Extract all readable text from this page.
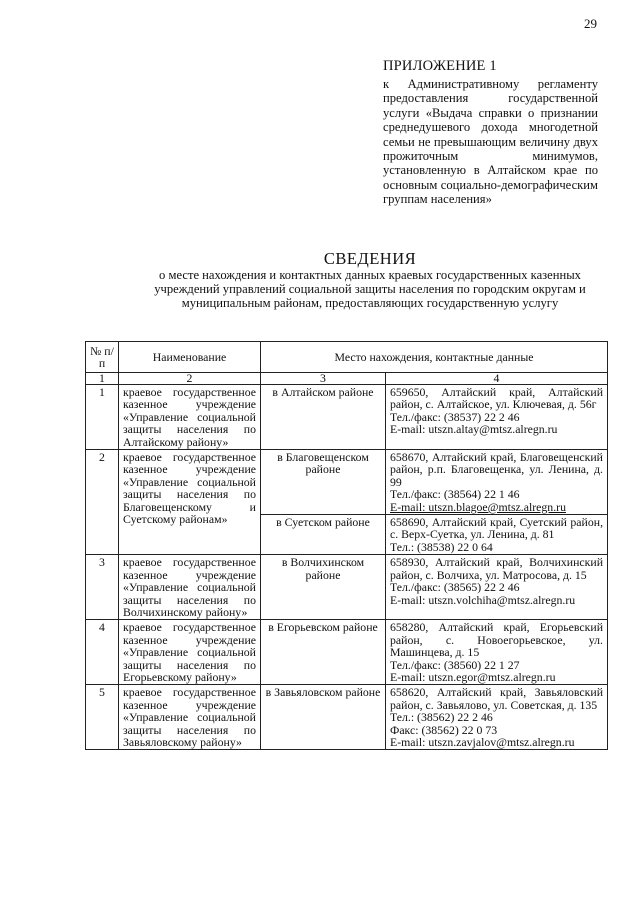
29
ПРИЛОЖЕНИЕ 1
к Административному регламенту предоставления государственной услуги «Выдача справки о признании среднедушевого дохода многодетной семьи не превышающим величину двух прожиточным минимумов, установленную в Алтайском крае по основным социально-демографическим группам населения»
СВЕДЕНИЯ
о месте нахождения и контактных данных краевых государственных казенных учреждений управлений социальной защиты населения по городским округам и муниципальным районам, предоставляющих государственную услугу
№ п/п	Наименование	Место нахождения, контактные данные	
1	2	3	4
1	краевое государственное казенное учреждение «Управление социальной защиты населения по Алтайскому району»	в Алтайском районе	659650, Алтайский край, Алтайский район, с. Алтайское, ул. Ключевая, д. 56г
Тел./факс: (38537) 22 2 46
E-mail: utszn.altay@mtsz.alregn.ru

2	краевое государственное казенное учреждение «Управление социальной защиты населения по Благовещенскому и Суетскому районам»	в Благовещенском районе	658670, Алтайский край, Благовещенский район, р.п. Благовещенка, ул. Ленина, д. 99
Тел./факс: (38564) 22 1 46
E-mail: utszn.blagoe@mtsz.alregn.ru

		в Суетском районе	658690, Алтайский край, Суетский район, с. Верх-Суетка, ул. Ленина, д. 81
Тел.: (38538) 22 0 64

3	краевое государственное казенное учреждение «Управление социальной защиты населения по Волчихинскому району»	в Волчихинском районе	658930, Алтайский край, Волчихинский район, с. Волчиха, ул. Матросова, д. 15
Тел./факс: (38565) 22 2 46
E-mail: utszn.volchiha@mtsz.alregn.ru

4	краевое государственное казенное учреждение «Управление социальной защиты населения по Егорьевскому району»	в Егорьевском районе	658280, Алтайский край, Егорьевский район, с. Новоегорьевское, ул. Машинцева, д. 15
Тел./факс: (38560) 22 1 27
E-mail: utszn.egor@mtsz.alregn.ru

5	краевое государственное казенное учреждение «Управление социальной защиты населения по Завьяловскому району»	в Завьяловском районе	658620, Алтайский край, Завьяловский район, с. Завьялово, ул. Советская, д. 135
Тел.: (38562) 22 2 46
Факс: (38562) 22 0 73
E-mail: utszn.zavjalov@mtsz.alregn.ru
